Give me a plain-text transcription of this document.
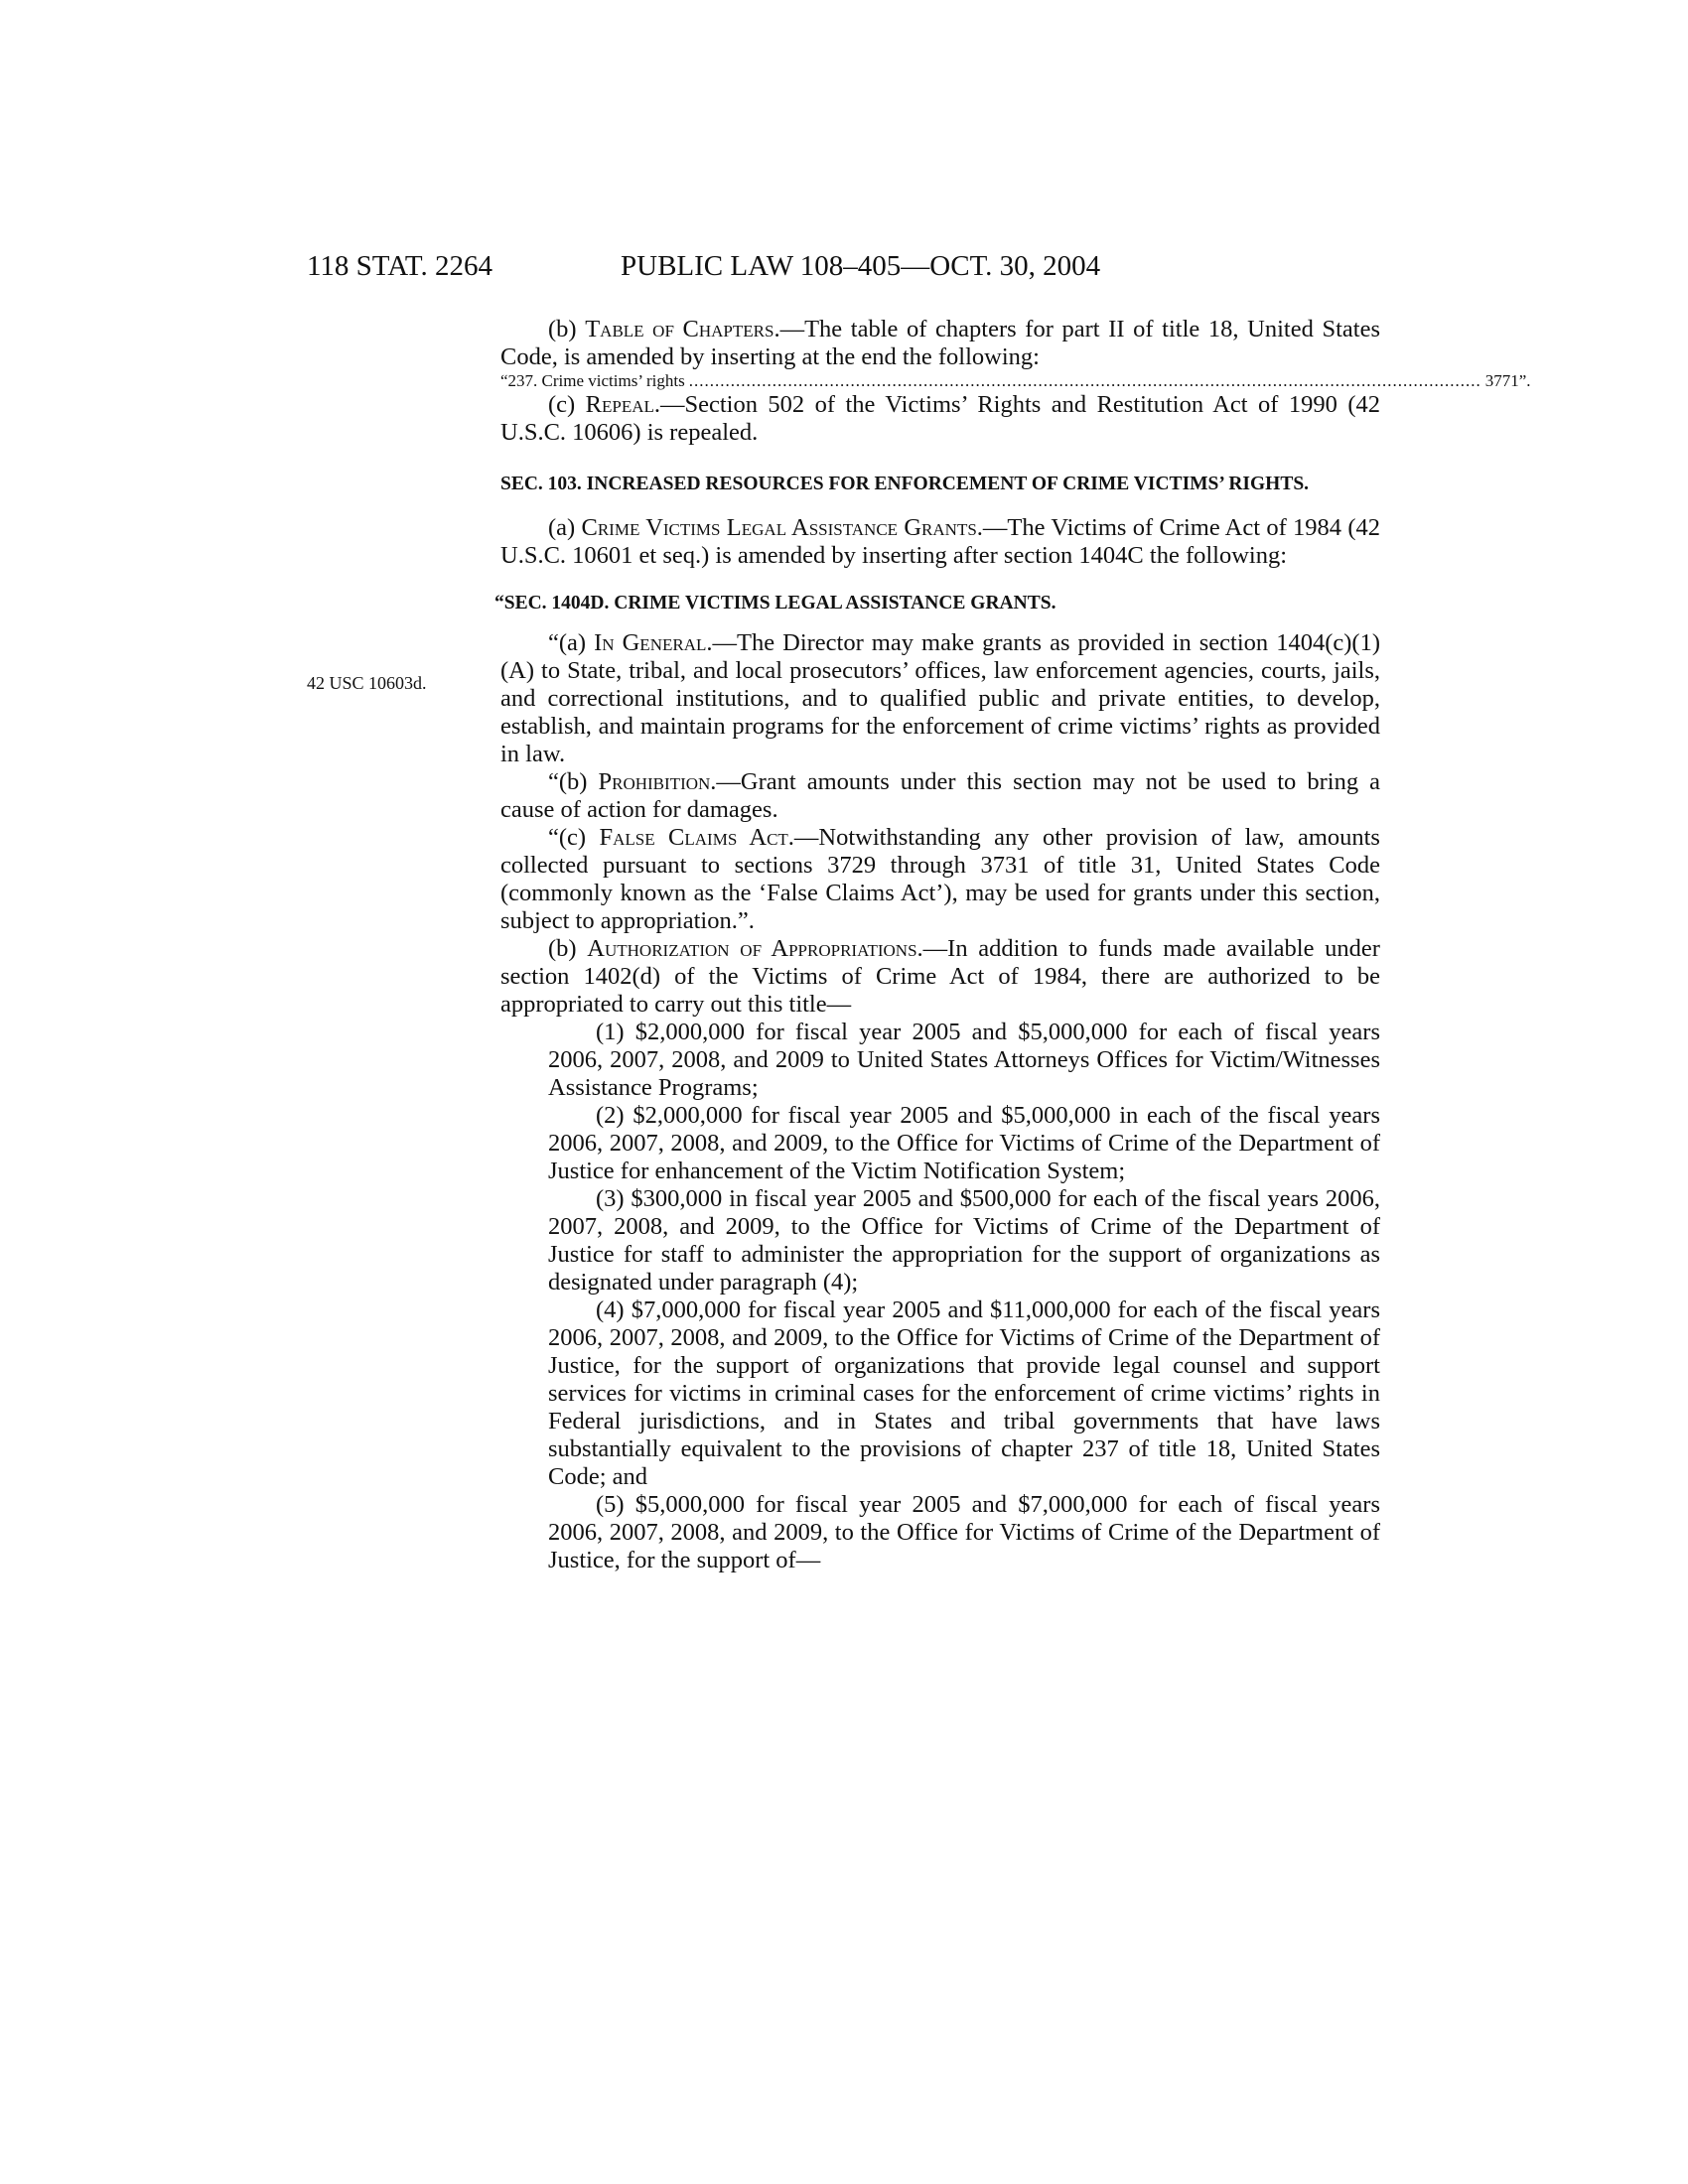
118 STAT. 2264	PUBLIC LAW 108–405—OCT. 30, 2004
42 USC 10603d.

(b) Table of Chapters.—The table of chapters for part II of title 18, United States Code, is amended by inserting at the end the following:

“237. Crime victims’ rights ........................................................................................................................................................ 3771”.

(c) Repeal.—Section 502 of the Victims’ Rights and Restitution Act of 1990 (42 U.S.C. 10606) is repealed.

SEC. 103. INCREASED RESOURCES FOR ENFORCEMENT OF CRIME VICTIMS’ RIGHTS.

(a) Crime Victims Legal Assistance Grants.—The Victims of Crime Act of 1984 (42 U.S.C. 10601 et seq.) is amended by inserting after section 1404C the following:

“SEC. 1404D. CRIME VICTIMS LEGAL ASSISTANCE GRANTS.

“(a) In General.—The Director may make grants as provided in section 1404(c)(1)(A) to State, tribal, and local prosecutors’ offices, law enforcement agencies, courts, jails, and correctional institutions, and to qualified public and private entities, to develop, establish, and maintain programs for the enforcement of crime victims’ rights as provided in law.

“(b) Prohibition.—Grant amounts under this section may not be used to bring a cause of action for damages.

“(c) False Claims Act.—Notwithstanding any other provision of law, amounts collected pursuant to sections 3729 through 3731 of title 31, United States Code (commonly known as the ‘False Claims Act’), may be used for grants under this section, subject to appropriation.”.

(b) Authorization of Appropriations.—In addition to funds made available under section 1402(d) of the Victims of Crime Act of 1984, there are authorized to be appropriated to carry out this title—

(1) $2,000,000 for fiscal year 2005 and $5,000,000 for each of fiscal years 2006, 2007, 2008, and 2009 to United States Attorneys Offices for Victim/Witnesses Assistance Programs;

(2) $2,000,000 for fiscal year 2005 and $5,000,000 in each of the fiscal years 2006, 2007, 2008, and 2009, to the Office for Victims of Crime of the Department of Justice for enhancement of the Victim Notification System;

(3) $300,000 in fiscal year 2005 and $500,000 for each of the fiscal years 2006, 2007, 2008, and 2009, to the Office for Victims of Crime of the Department of Justice for staff to administer the appropriation for the support of organizations as designated under paragraph (4);

(4) $7,000,000 for fiscal year 2005 and $11,000,000 for each of the fiscal years 2006, 2007, 2008, and 2009, to the Office for Victims of Crime of the Department of Justice, for the support of organizations that provide legal counsel and support services for victims in criminal cases for the enforcement of crime victims’ rights in Federal jurisdictions, and in States and tribal governments that have laws substantially equivalent to the provisions of chapter 237 of title 18, United States Code; and

(5) $5,000,000 for fiscal year 2005 and $7,000,000 for each of fiscal years 2006, 2007, 2008, and 2009, to the Office for Victims of Crime of the Department of Justice, for the support of—
